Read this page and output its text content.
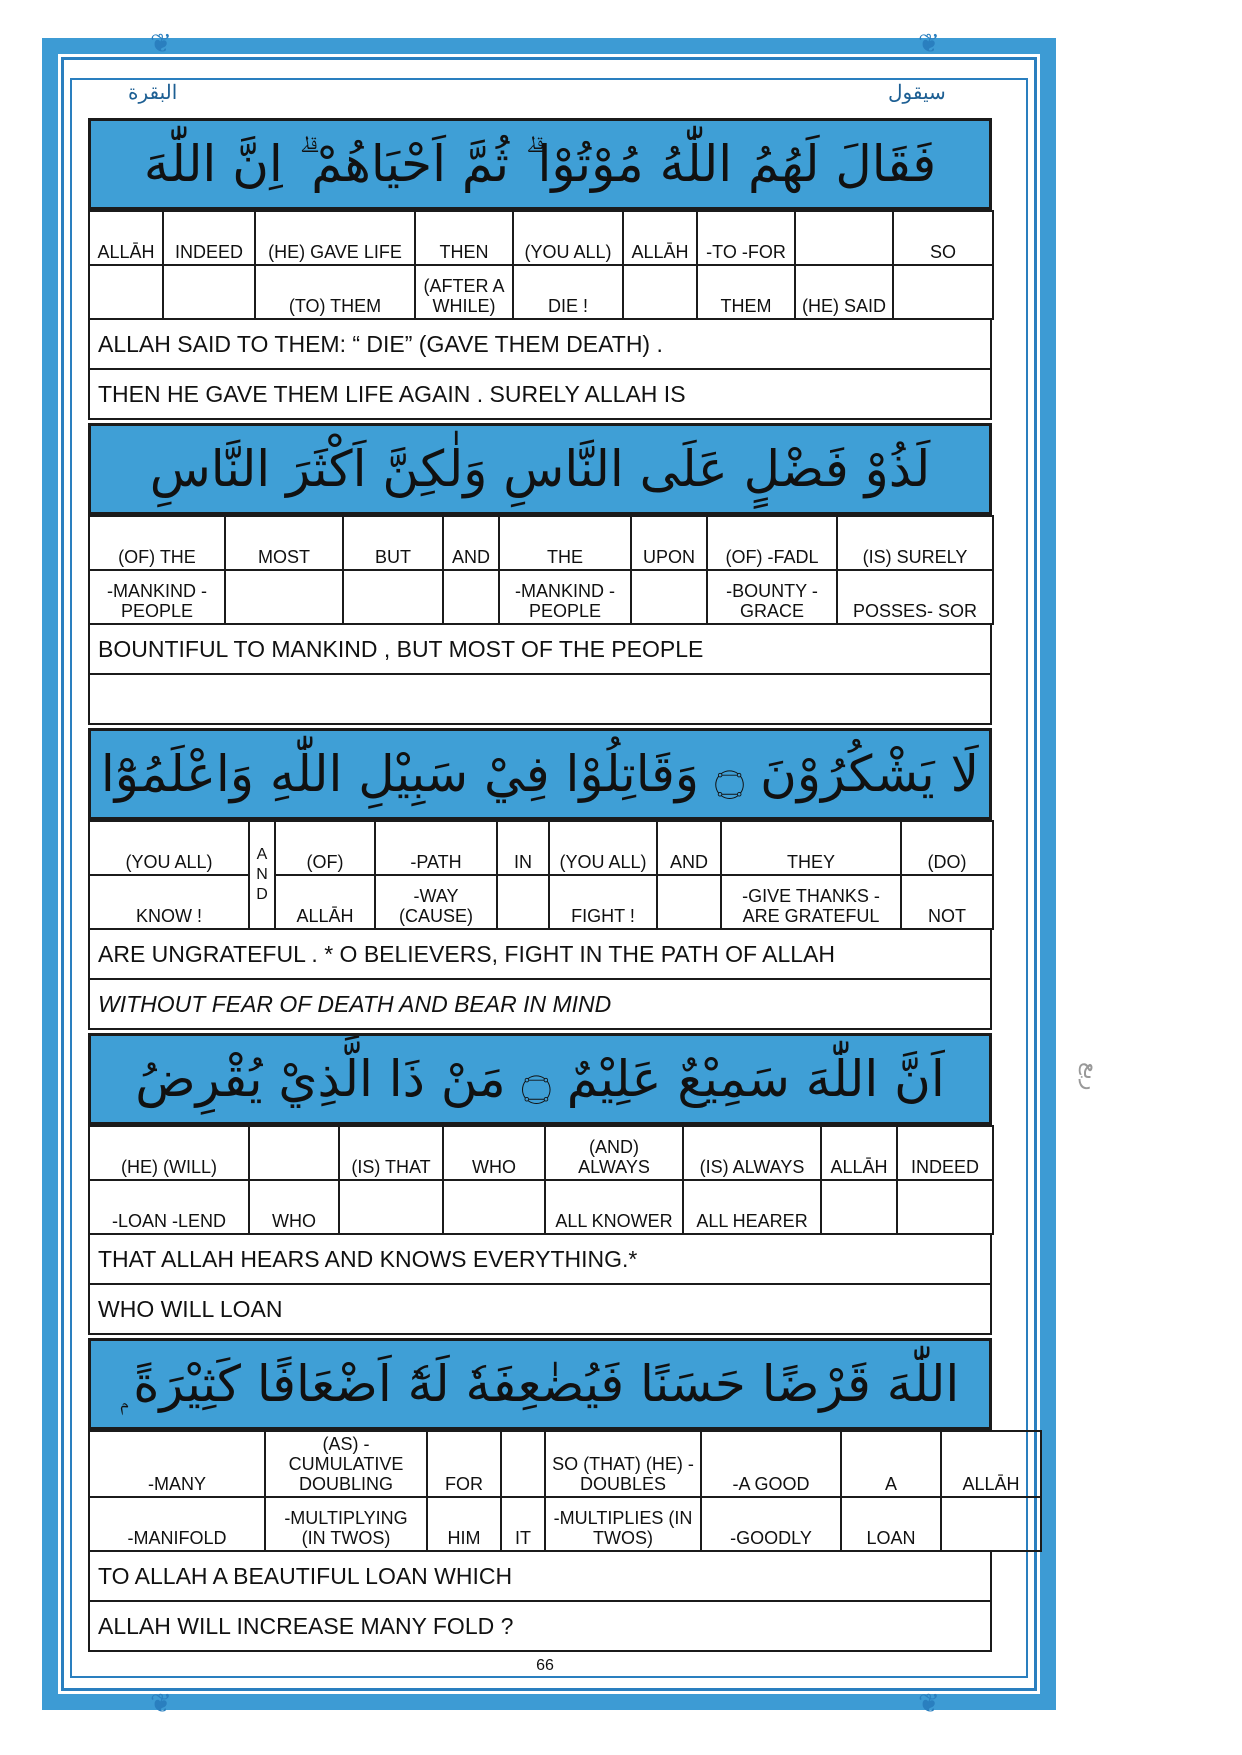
❦	❦
❦	❦
البقرة	سيقول
فَقَالَ لَهُمُ اللّٰهُ مُوْتُوْا ۗ ثُمَّ اَحْيَاهُمْ ۗ اِنَّ اللّٰهَ
ALLĀH	INDEED	(HE) GAVE LIFE	THEN	(YOU ALL)	ALLĀH	-TO -FOR		SO
		(TO) THEM	(AFTER A WHILE)	DIE !		THEM	(HE) SAID	
ALLAH SAID TO THEM: “ DIE” (GAVE THEM DEATH) .
THEN HE GAVE THEM LIFE AGAIN . SURELY ALLAH IS
لَذُوْ فَضْلٍ عَلَى النَّاسِ وَلٰكِنَّ اَكْثَرَ النَّاسِ
(OF) THE	MOST	BUT	AND	THE	UPON	(OF) -FADL	(IS) SURELY
-MANKIND -PEOPLE				-MANKIND -PEOPLE		-BOUNTY -GRACE	POSSES- SOR
BOUNTIFUL TO MANKIND , BUT MOST OF THE PEOPLE
لَا يَشْكُرُوْنَ ۝ وَقَاتِلُوْا فِيْ سَبِيْلِ اللّٰهِ وَاعْلَمُوْٓا
(YOU ALL)	A N D	(OF)	-PATH	IN	(YOU ALL)	AND	THEY	(DO)
KNOW !		ALLĀH	-WAY (CAUSE)		FIGHT !		-GIVE THANKS -ARE GRATEFUL	NOT
ARE UNGRATEFUL . * O BELIEVERS, FIGHT IN THE PATH OF ALLAH
WITHOUT FEAR OF DEATH AND BEAR IN MIND
اَنَّ اللّٰهَ سَمِيْعٌ عَلِيْمٌ ۝ مَنْ ذَا الَّذِيْ يُقْرِضُ
(HE) (WILL)		(IS) THAT	WHO	(AND) ALWAYS	(IS) ALWAYS	ALLĀH	INDEED
-LOAN -LEND	WHO			ALL KNOWER	ALL HEARER		
THAT ALLAH HEARS AND KNOWS EVERYTHING.*
WHO WILL LOAN
اللّٰهَ قَرْضًا حَسَنًا فَيُضٰعِفَهٗ لَهٗٓ اَضْعَافًا كَثِيْرَةً ۭ
-MANY	(AS) -CUMULATIVE DOUBLING	FOR		SO (THAT) (HE) -DOUBLES	-A GOOD	A	ALLĀH
-MANIFOLD	-MULTIPLYING (IN TWOS)	HIM	IT	-MULTIPLIES (IN TWOS)	-GOODLY	LOAN	
TO ALLAH A BEAUTIFUL LOAN WHICH
ALLAH WILL INCREASE MANY FOLD ?
66
ربع
